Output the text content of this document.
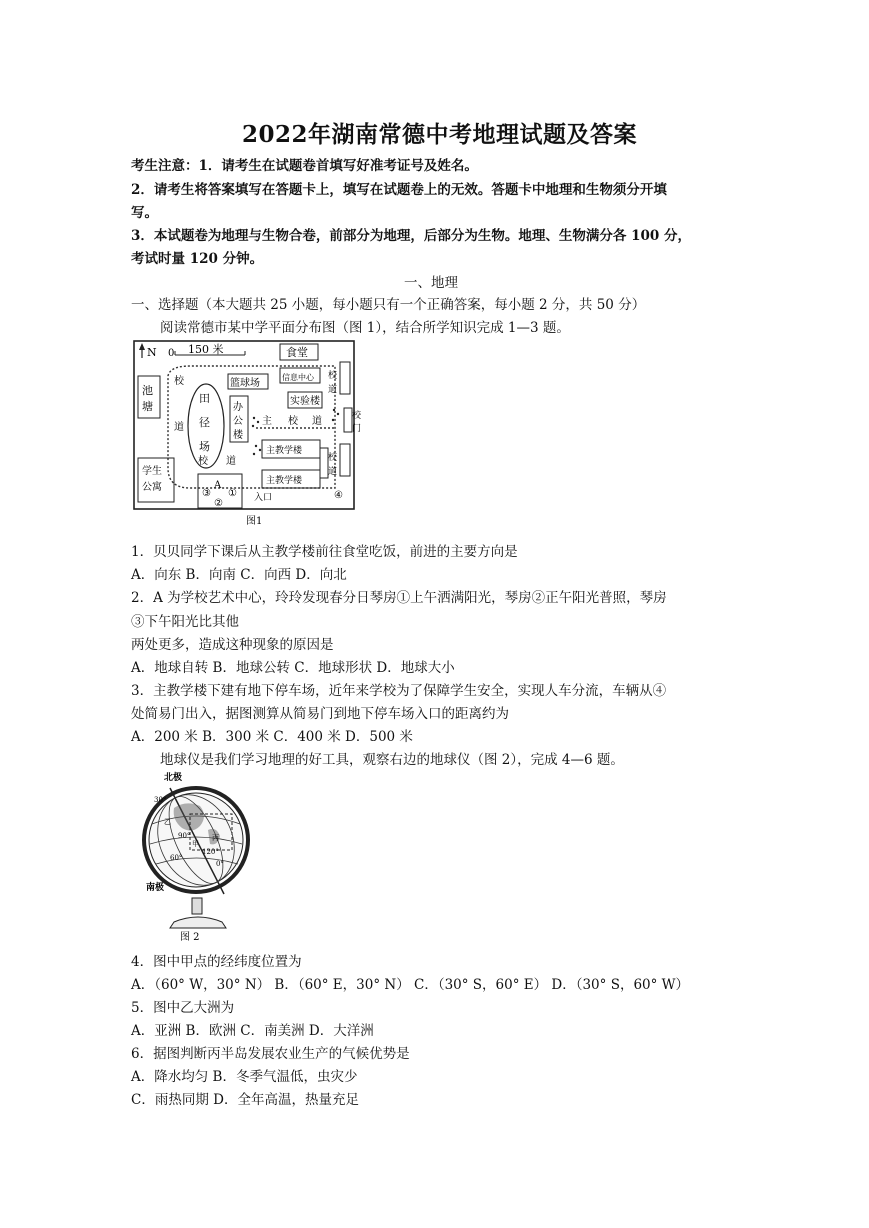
2022年湖南常德中考地理试题及答案
考生注意：1．请考生在试题卷首填写好准考证号及姓名。
2．请考生将答案填写在答题卡上，填写在试题卷上的无效。答题卡中地理和生物须分开填
写。
3．本试题卷为地理与生物合卷，前部分为地理，后部分为生物。地理、生物满分各 100 分，
考试时量 120 分钟。
一、地理
一、选择题（本大题共 25 小题，每小题只有一个正确答案，每小题 2 分，共 50 分）
阅读常德市某中学平面分布图（图 1），结合所学知识完成 1—3 题。
N 0 150 米	食堂
池
塘
田
径
场
校
道
篮球场
信息中心
实验楼
办
公
楼
主 校 道
主教学楼
主教学楼
校
道
校
门
校
道
校 道
学生
公寓	A
③ ①
②	入口	④
图1
1．贝贝同学下课后从主教学楼前往食堂吃饭，前进的主要方向是
A．向东 B．向南 C．向西 D．向北
2．A 为学校艺术中心，玲玲发现春分日琴房①上午洒满阳光，琴房②正午阳光普照，琴房
③下午阳光比其他
两处更多，造成这种现象的原因是
A．地球自转 B．地球公转 C．地球形状 D．地球大小
3．主教学楼下建有地下停车场，近年来学校为了保障学生安全，实现人车分流，车辆从④
处简易门出入，据图测算从简易门到地下停车场入口的距离约为
A．200 米 B．300 米 C．400 米 D．500 米
地球仪是我们学习地理的好工具，观察右边的地球仪（图 2），完成 4—6 题。
30°
90°
甲
120°
乙
丙
60°
0°
北极
南极
图 2
4．图中甲点的经纬度位置为
A．（60° W，30° N） B．（60° E，30° N） C．（30° S，60° E） D．（30° S，60° W）
5．图中乙大洲为
A．亚洲 B．欧洲 C．南美洲 D．大洋洲
6．据图判断丙半岛发展农业生产的气候优势是
A．降水均匀 B．冬季气温低，虫灾少
C．雨热同期 D．全年高温，热量充足
